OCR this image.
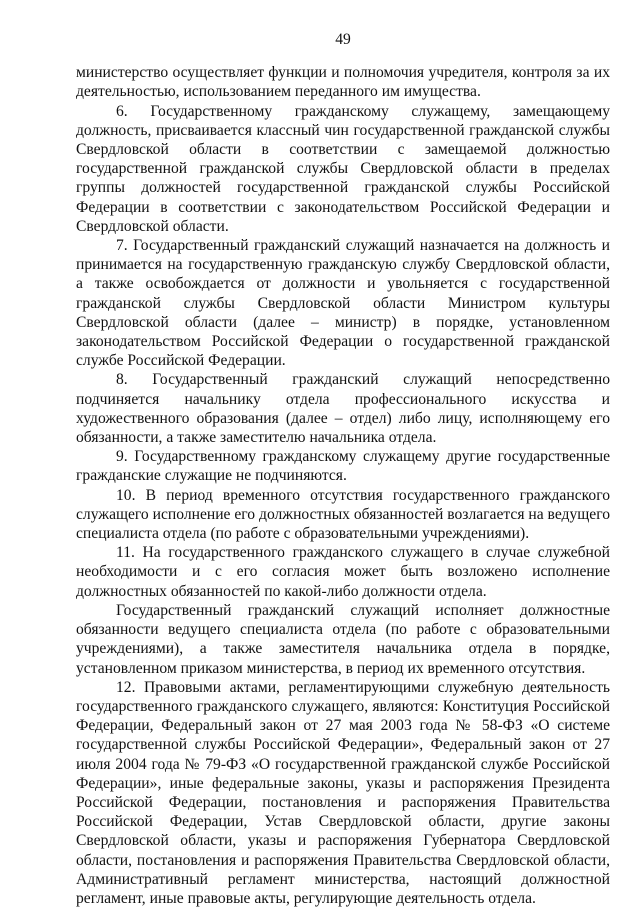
49

министерство осуществляет функции и полномочия учредителя, контроля за их деятельностью, использованием переданного им имущества.

6. Государственному гражданскому служащему, замещающему должность, присваивается классный чин государственной гражданской службы Свердловской области в соответствии с замещаемой должностью государственной гражданской службы Свердловской области в пределах группы должностей государственной гражданской службы Российской Федерации в соответствии с законодательством Российской Федерации и Свердловской области.

7. Государственный гражданский служащий назначается на должность и принимается на государственную гражданскую службу Свердловской области, а также освобождается от должности и увольняется с государственной гражданской службы Свердловской области Министром культуры Свердловской области (далее – министр) в порядке, установленном законодательством Российской Федерации о государственной гражданской службе Российской Федерации.

8. Государственный гражданский служащий непосредственно подчиняется начальнику отдела профессионального искусства и художественного образования (далее – отдел) либо лицу, исполняющему его обязанности, а также заместителю начальника отдела.

9. Государственному гражданскому служащему другие государственные гражданские служащие не подчиняются.

10. В период временного отсутствия государственного гражданского служащего исполнение его должностных обязанностей возлагается на ведущего специалиста отдела (по работе с образовательными учреждениями).

11. На государственного гражданского служащего в случае служебной необходимости и с его согласия может быть возложено исполнение должностных обязанностей по какой-либо должности отдела.

Государственный гражданский служащий исполняет должностные обязанности ведущего специалиста отдела (по работе с образовательными учреждениями), а также заместителя начальника отдела в порядке, установленном приказом министерства, в период их временного отсутствия.

12. Правовыми актами, регламентирующими служебную деятельность государственного гражданского служащего, являются: Конституция Российской Федерации, Федеральный закон от 27 мая 2003 года № 58-ФЗ «О системе государственной службы Российской Федерации», Федеральный закон от 27 июля 2004 года № 79-ФЗ «О государственной гражданской службе Российской Федерации», иные федеральные законы, указы и распоряжения Президента Российской Федерации, постановления и распоряжения Правительства Российской Федерации, Устав Свердловской области, другие законы Свердловской области, указы и распоряжения Губернатора Свердловской области, постановления и распоряжения Правительства Свердловской области, Административный регламент министерства, настоящий должностной регламент, иные правовые акты, регулирующие деятельность отдела.
